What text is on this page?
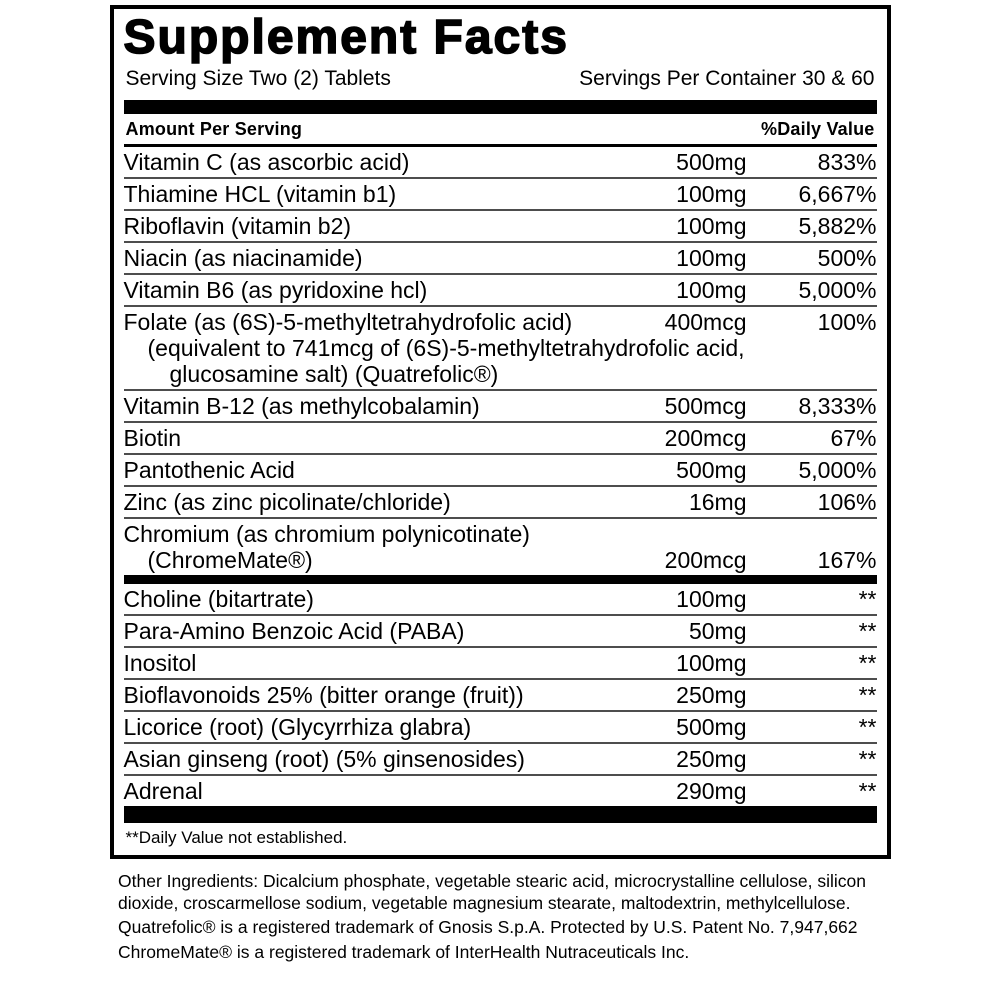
Supplement Facts
Serving Size Two (2) Tablets	Servings Per Container 30 & 60
Amount Per Serving	%Daily Value
Vitamin C (as ascorbic acid)	500mg	833%
Thiamine HCL (vitamin b1)	100mg	6,667%
Riboflavin (vitamin b2)	100mg	5,882%
Niacin (as niacinamide)	100mg	500%
Vitamin B6 (as pyridoxine hcl)	100mg	5,000%
Folate (as (6S)-5-methyltetrahydrofolic acid)	400mcg	100%
(equivalent to 741mcg of (6S)-5-methyltetrahydrofolic acid,
glucosamine salt) (Quatrefolic®)
Vitamin B-12 (as methylcobalamin)	500mcg	8,333%
Biotin	200mcg	67%
Pantothenic Acid	500mg	5,000%
Zinc (as zinc picolinate/chloride)	16mg	106%
Chromium (as chromium polynicotinate)
(ChromeMate®)	200mcg	167%
Choline (bitartrate)	100mg	**
Para-Amino Benzoic Acid (PABA)	50mg	**
Inositol	100mg	**
Bioflavonoids 25% (bitter orange (fruit))	250mg	**
Licorice (root) (Glycyrrhiza glabra)	500mg	**
Asian ginseng (root) (5% ginsenosides)	250mg	**
Adrenal	290mg	**
**Daily Value not established.

Other Ingredients: Dicalcium phosphate, vegetable stearic acid, microcrystalline cellulose, silicon dioxide, croscarmellose sodium, vegetable magnesium stearate, maltodextrin, methylcellulose.

Quatrefolic® is a registered trademark of Gnosis S.p.A. Protected by U.S. Patent No. 7,947,662

ChromeMate® is a registered trademark of InterHealth Nutraceuticals Inc.
